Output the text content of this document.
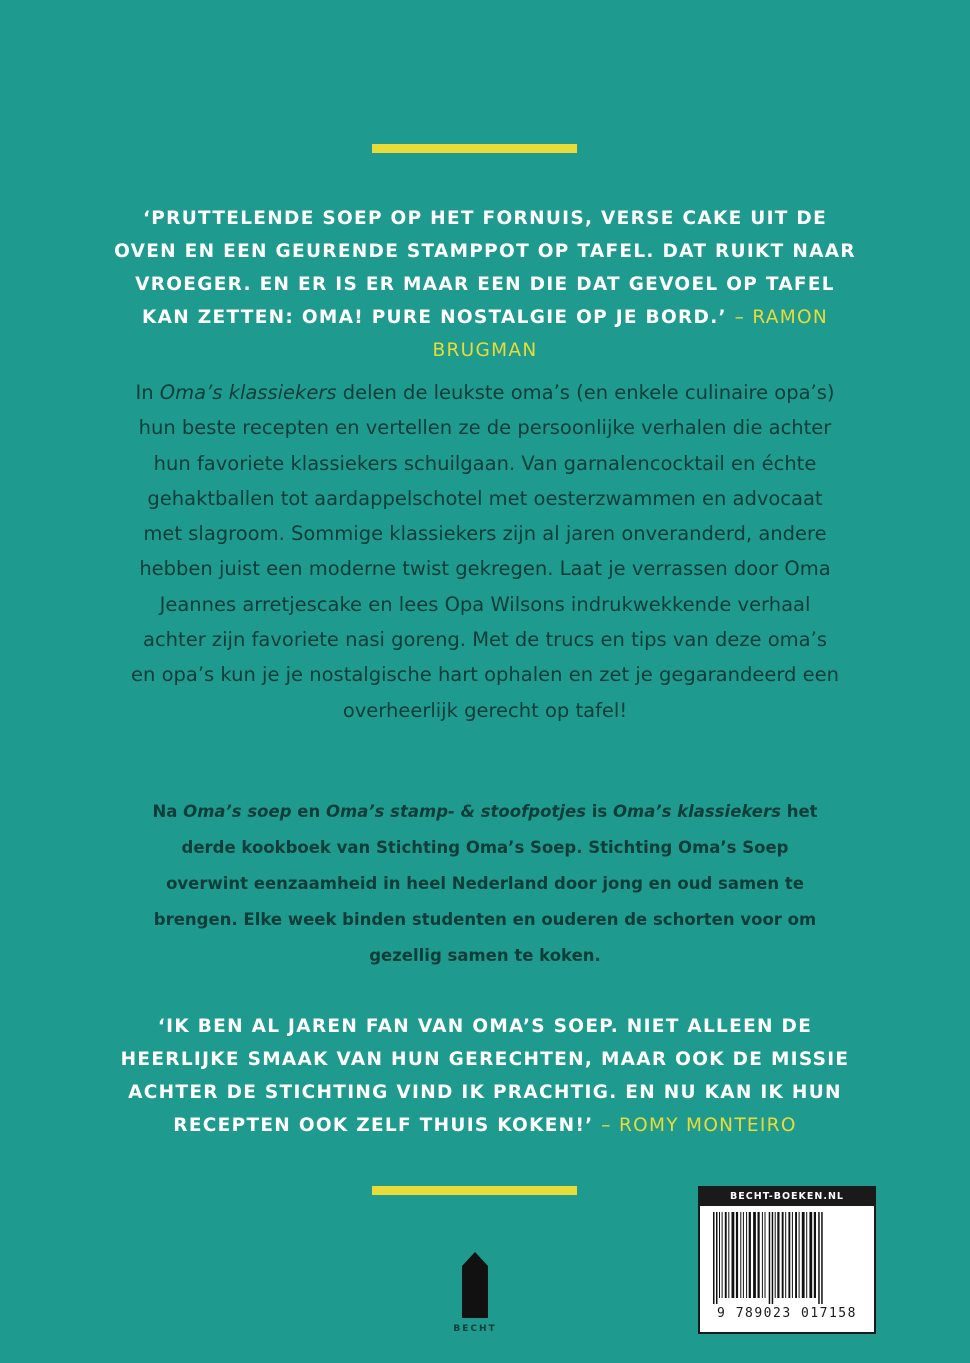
‘PRUTTELENDE SOEP OP HET FORNUIS, VERSE CAKE UIT DE OVEN EN EEN GEURENDE STAMPPOT OP TAFEL. DAT RUIKT NAAR VROEGER. EN ER IS ER MAAR EEN DIE DAT GEVOEL OP TAFEL KAN ZETTEN: OMA! PURE NOSTALGIE OP JE BORD.’ – RAMON BRUGMAN
In Oma’s klassiekers delen de leukste oma’s (en enkele culinaire opa’s) hun beste recepten en vertellen ze de persoonlijke verhalen die achter hun favoriete klassiekers schuilgaan. Van garnalencocktail en échte gehaktballen tot aardappelschotel met oesterzwammen en advocaat met slagroom. Sommige klassiekers zijn al jaren onveranderd, andere hebben juist een moderne twist gekregen. Laat je verrassen door Oma Jeannes arretjescake en lees Opa Wilsons indrukwekkende verhaal achter zijn favoriete nasi goreng. Met de trucs en tips van deze oma’s en opa’s kun je je nostalgische hart ophalen en zet je gegarandeerd een overheerlijk gerecht op tafel!
Na Oma’s soep en Oma’s stamp- & stoofpotjes is Oma’s klassiekers het derde kookboek van Stichting Oma’s Soep. Stichting Oma’s Soep overwint eenzaamheid in heel Nederland door jong en oud samen te brengen. Elke week binden studenten en ouderen de schorten voor om gezellig samen te koken.
‘IK BEN AL JAREN FAN VAN OMA’S SOEP. NIET ALLEEN DE HEERLIJKE SMAAK VAN HUN GERECHTEN, MAAR OOK DE MISSIE ACHTER DE STICHTING VIND IK PRACHTIG. EN NU KAN IK HUN RECEPTEN OOK ZELF THUIS KOKEN!’ – ROMY MONTEIRO
BECHT
BECHT-BOEKEN.NL
9 789023 017158
